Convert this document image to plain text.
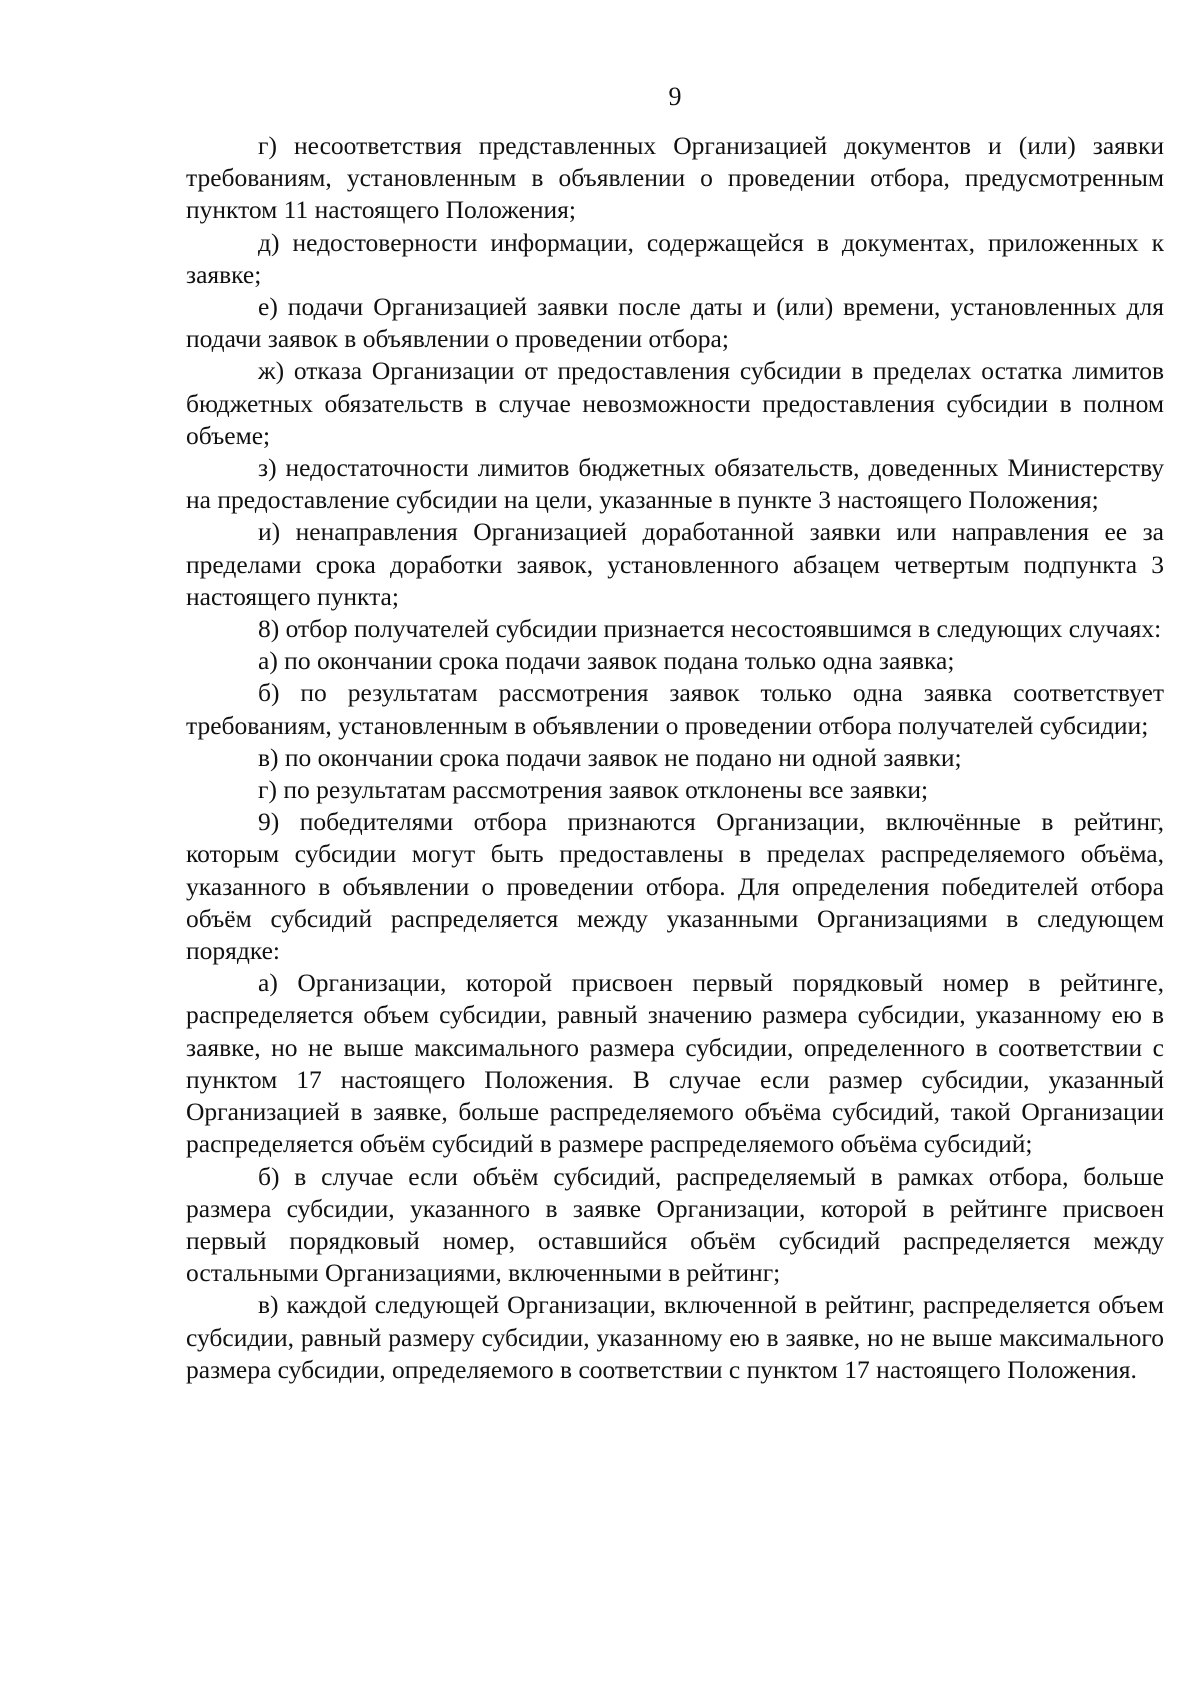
9

г) несоответствия представленных Организацией документов и (или) заявки требованиям, установленным в объявлении о проведении отбора, предусмотренным пунктом 11 настоящего Положения;

д) недостоверности информации, содержащейся в документах, приложенных к заявке;

е) подачи Организацией заявки после даты и (или) времени, установленных для подачи заявок в объявлении о проведении отбора;

ж) отказа Организации от предоставления субсидии в пределах остатка лимитов бюджетных обязательств в случае невозможности предоставления субсидии в полном объеме;

з) недостаточности лимитов бюджетных обязательств, доведенных Министерству на предоставление субсидии на цели, указанные в пункте 3 настоящего Положения;

и) ненаправления Организацией доработанной заявки или направления ее за пределами срока доработки заявок, установленного абзацем четвертым подпункта 3 настоящего пункта;

8) отбор получателей субсидии признается несостоявшимся в следующих случаях:

а) по окончании срока подачи заявок подана только одна заявка;

б) по результатам рассмотрения заявок только одна заявка соответствует требованиям, установленным в объявлении о проведении отбора получателей субсидии;

в) по окончании срока подачи заявок не подано ни одной заявки;

г) по результатам рассмотрения заявок отклонены все заявки;

9) победителями отбора признаются Организации, включённые в рейтинг, которым субсидии могут быть предоставлены в пределах распределяемого объёма, указанного в объявлении о проведении отбора. Для определения победителей отбора объём субсидий распределяется между указанными Организациями в следующем порядке:

а) Организации, которой присвоен первый порядковый номер в рейтинге, распределяется объем субсидии, равный значению размера субсидии, указанному ею в заявке, но не выше максимального размера субсидии, определенного в соответствии с пунктом 17 настоящего Положения. В случае если размер субсидии, указанный Организацией в заявке, больше распределяемого объёма субсидий, такой Организации распределяется объём субсидий в размере распределяемого объёма субсидий;

б) в случае если объём субсидий, распределяемый в рамках отбора, больше размера субсидии, указанного в заявке Организации, которой в рейтинге присвоен первый порядковый номер, оставшийся объём субсидий распределяется между остальными Организациями, включенными в рейтинг;

в) каждой следующей Организации, включенной в рейтинг, распределяется объем субсидии, равный размеру субсидии, указанному ею в заявке, но не выше максимального размера субсидии, определяемого в соответствии с пунктом 17 настоящего Положения.
